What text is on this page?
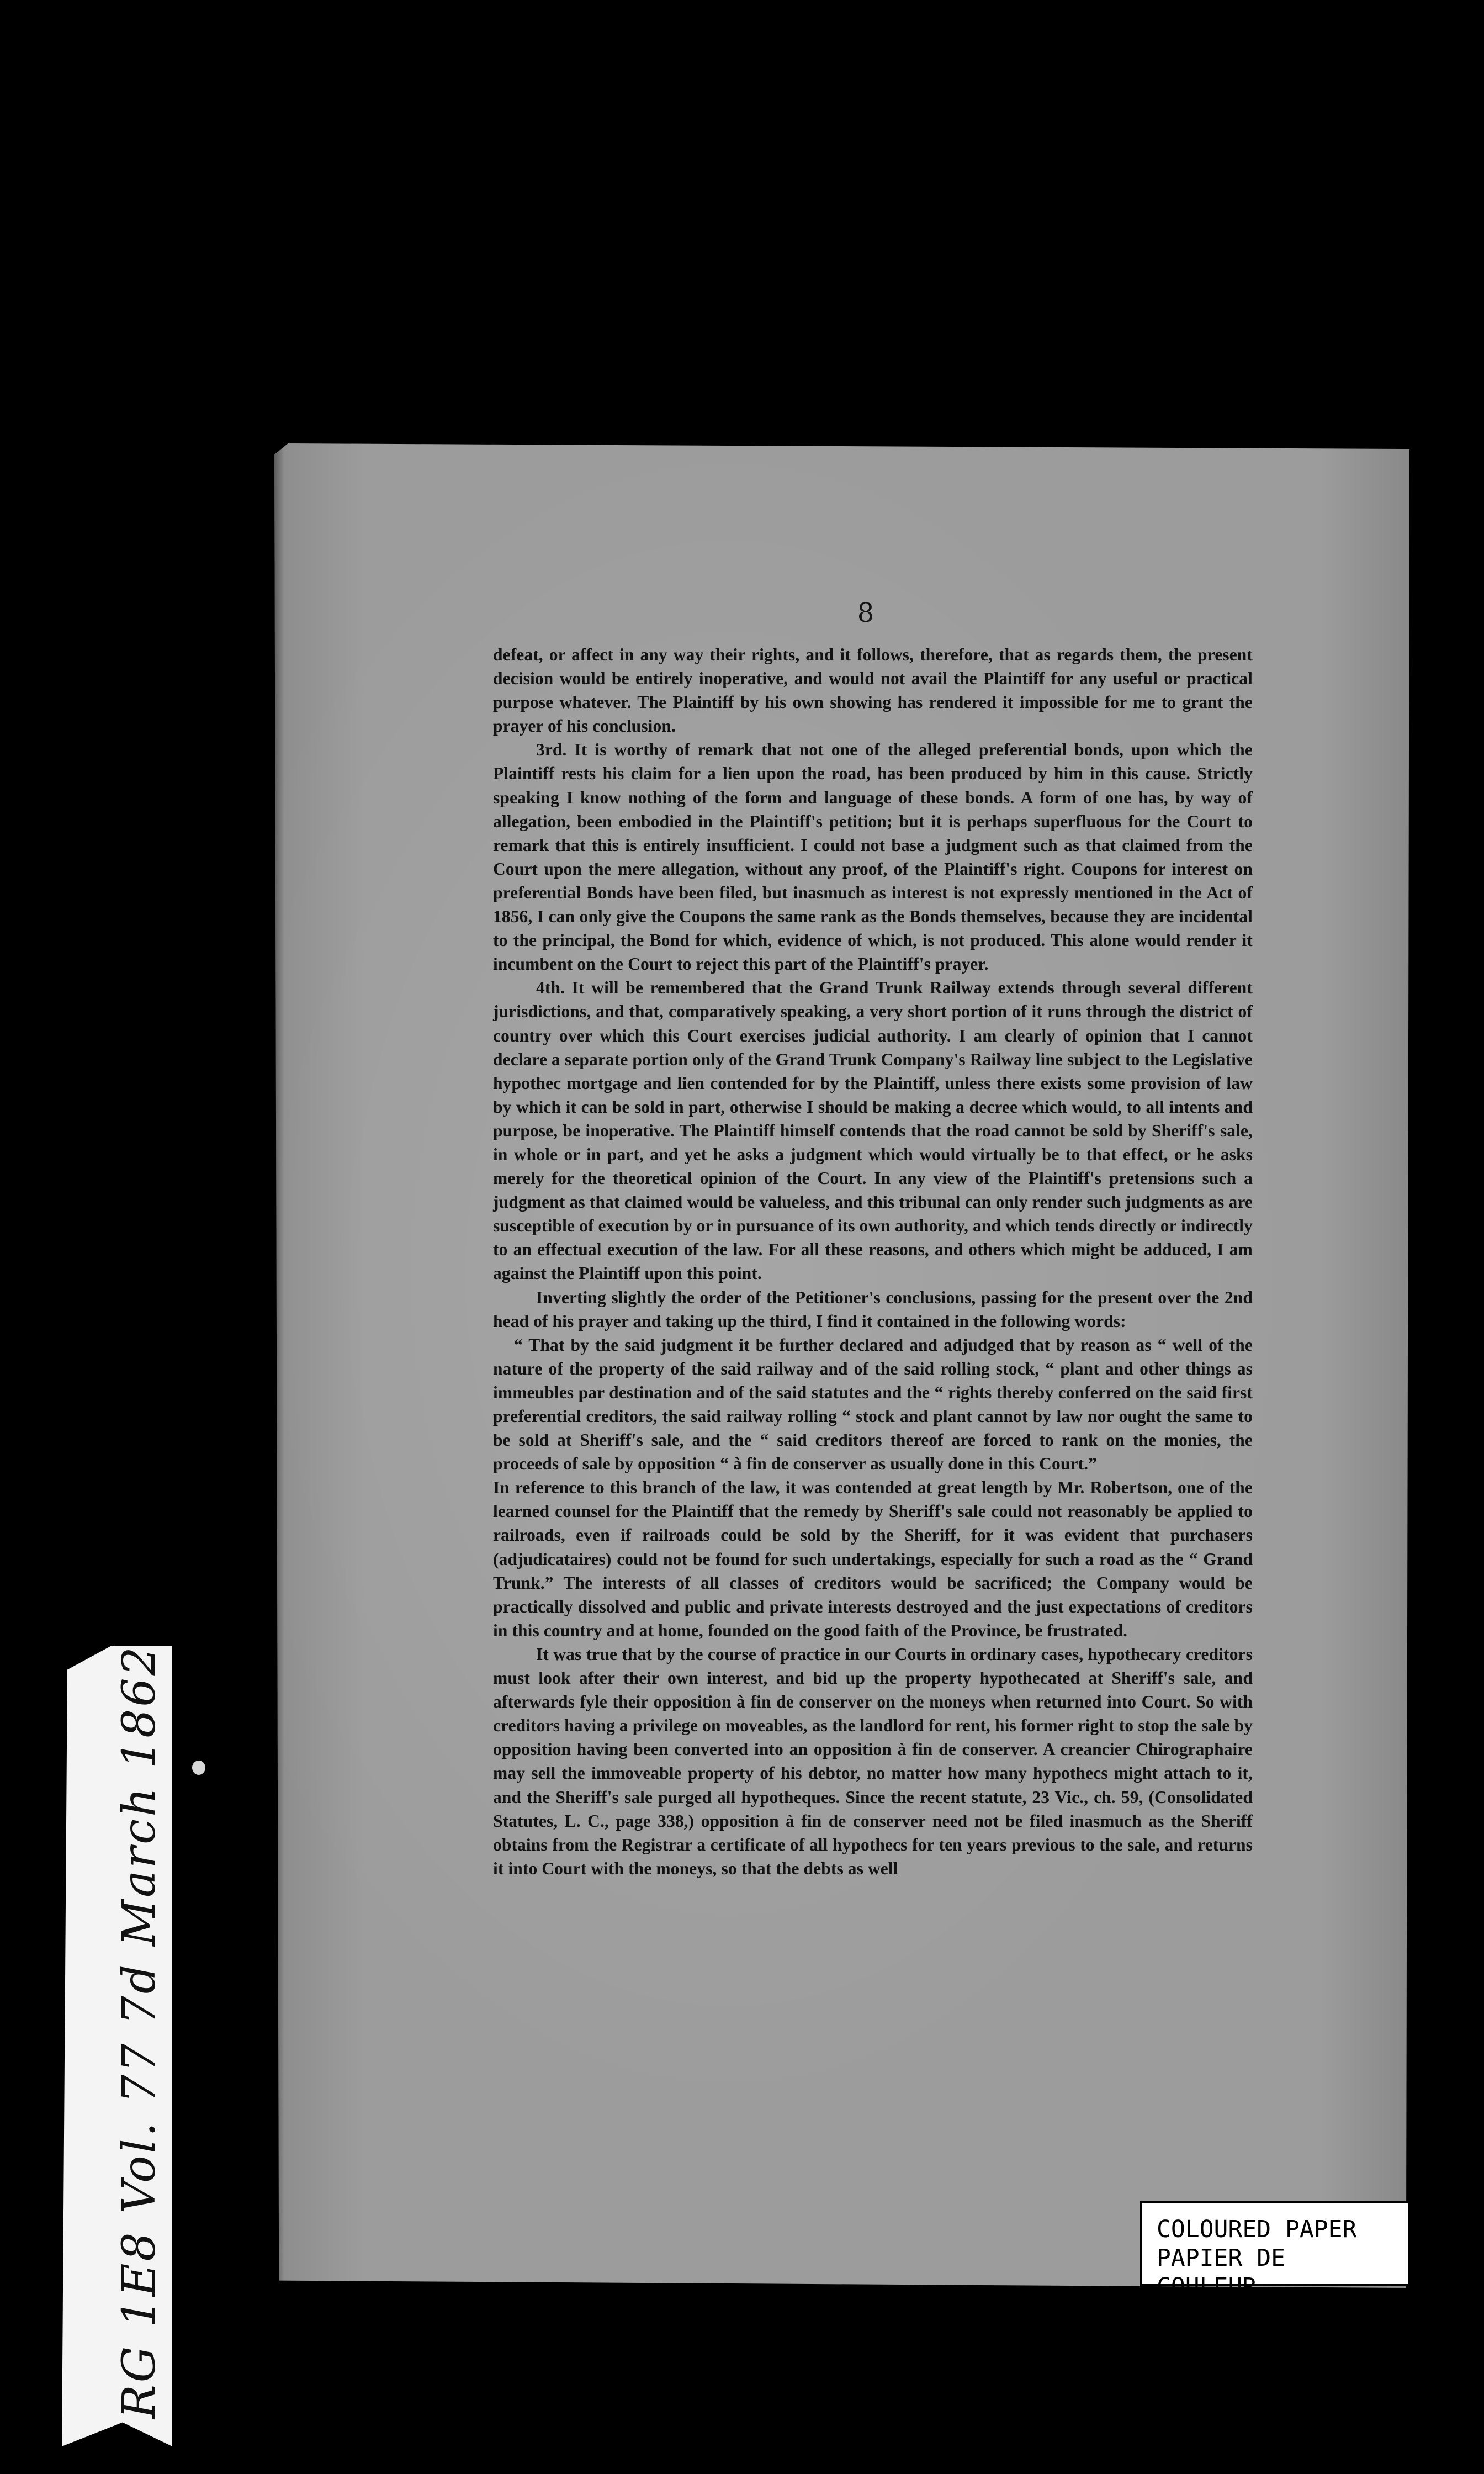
RG 1E8 Vol. 77 7d March 1862
8

defeat, or affect in any way their rights, and it follows, therefore, that as regards them, the present decision would be entirely inoperative, and would not avail the Plaintiff for any useful or practical purpose whatever. The Plaintiff by his own showing has rendered it impossible for me to grant the prayer of his conclusion.

3rd. It is worthy of remark that not one of the alleged preferential bonds, upon which the Plaintiff rests his claim for a lien upon the road, has been produced by him in this cause. Strictly speaking I know nothing of the form and language of these bonds. A form of one has, by way of allegation, been embodied in the Plaintiff's petition; but it is perhaps superfluous for the Court to remark that this is entirely insufficient. I could not base a judgment such as that claimed from the Court upon the mere allegation, without any proof, of the Plaintiff's right. Coupons for interest on preferential Bonds have been filed, but inasmuch as interest is not expressly mentioned in the Act of 1856, I can only give the Coupons the same rank as the Bonds themselves, because they are incidental to the principal, the Bond for which, evidence of which, is not produced. This alone would render it incumbent on the Court to reject this part of the Plaintiff's prayer.

4th. It will be remembered that the Grand Trunk Railway extends through several different jurisdictions, and that, comparatively speaking, a very short portion of it runs through the district of country over which this Court exercises judicial authority. I am clearly of opinion that I cannot declare a separate portion only of the Grand Trunk Company's Railway line subject to the Legislative hypothec mortgage and lien contended for by the Plaintiff, unless there exists some provision of law by which it can be sold in part, otherwise I should be making a decree which would, to all intents and purpose, be inoperative. The Plaintiff himself contends that the road cannot be sold by Sheriff's sale, in whole or in part, and yet he asks a judgment which would virtually be to that effect, or he asks merely for the theoretical opinion of the Court. In any view of the Plaintiff's pretensions such a judgment as that claimed would be valueless, and this tribunal can only render such judgments as are susceptible of execution by or in pursuance of its own authority, and which tends directly or indirectly to an effectual execution of the law. For all these reasons, and others which might be adduced, I am against the Plaintiff upon this point.

Inverting slightly the order of the Petitioner's conclusions, passing for the present over the 2nd head of his prayer and taking up the third, I find it contained in the following words:

“ That by the said judgment it be further declared and adjudged that by reason as “ well of the nature of the property of the said railway and of the said rolling stock, “ plant and other things as immeubles par destination and of the said statutes and the “ rights thereby conferred on the said first preferential creditors, the said railway rolling “ stock and plant cannot by law nor ought the same to be sold at Sheriff's sale, and the “ said creditors thereof are forced to rank on the monies, the proceeds of sale by opposition “ à fin de conserver as usually done in this Court.”

In reference to this branch of the law, it was contended at great length by Mr. Robertson, one of the learned counsel for the Plaintiff that the remedy by Sheriff's sale could not reasonably be applied to railroads, even if railroads could be sold by the Sheriff, for it was evident that purchasers (adjudicataires) could not be found for such undertakings, especially for such a road as the “ Grand Trunk.” The interests of all classes of creditors would be sacrificed; the Company would be practically dissolved and public and private interests destroyed and the just expectations of creditors in this country and at home, founded on the good faith of the Province, be frustrated.

It was true that by the course of practice in our Courts in ordinary cases, hypothecary creditors must look after their own interest, and bid up the property hypothecated at Sheriff's sale, and afterwards fyle their opposition à fin de conserver on the moneys when returned into Court. So with creditors having a privilege on moveables, as the landlord for rent, his former right to stop the sale by opposition having been converted into an opposition à fin de conserver. A creancier Chirographaire may sell the immoveable property of his debtor, no matter how many hypothecs might attach to it, and the Sheriff's sale purged all hypotheques. Since the recent statute, 23 Vic., ch. 59, (Consolidated Statutes, L. C., page 338,) opposition à fin de conserver need not be filed inasmuch as the Sheriff obtains from the Registrar a certificate of all hypothecs for ten years previous to the sale, and returns it into Court with the moneys, so that the debts as well

COLOURED PAPER
PAPIER DE COULEUR
